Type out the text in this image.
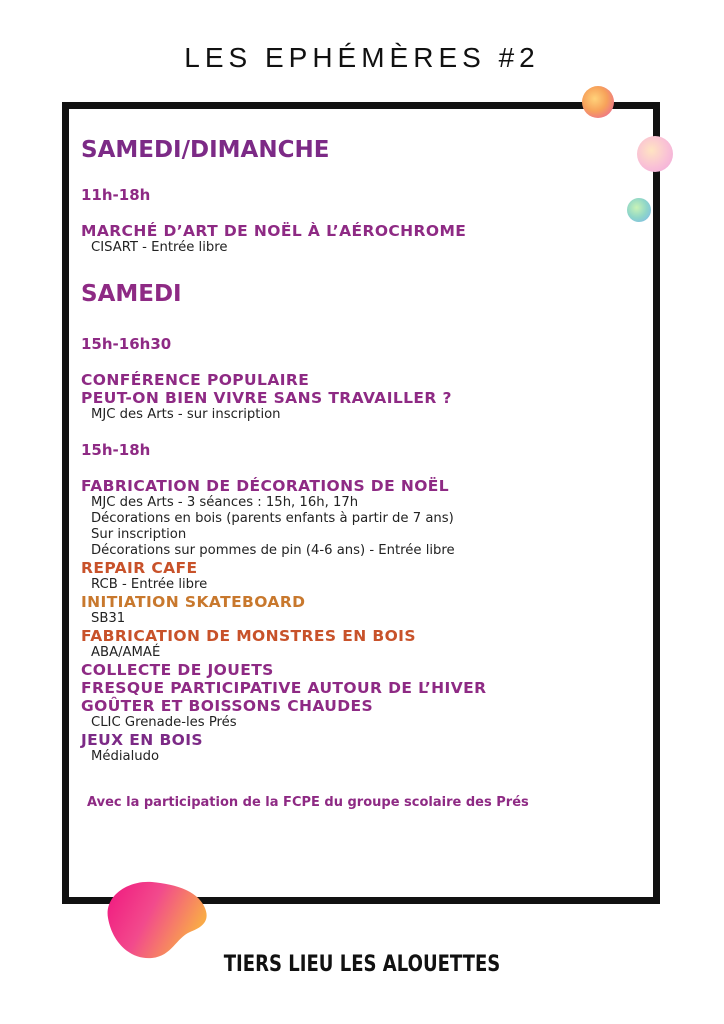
LES EPHÉMÈRES #2
SAMEDI/DIMANCHE
11h-18h
MARCHÉ D’ART DE NOËL À L’AÉROCHROME
CISART - Entrée libre
SAMEDI
15h-16h30
CONFÉRENCE POPULAIRE
PEUT-ON BIEN VIVRE SANS TRAVAILLER ?
MJC des Arts - sur inscription
15h-18h
FABRICATION DE DÉCORATIONS DE NOËL
MJC des Arts - 3 séances : 15h, 16h, 17h
Décorations en bois (parents enfants à partir de 7 ans)
Sur inscription
Décorations sur pommes de pin (4-6 ans) - Entrée libre
REPAIR CAFE
RCB - Entrée libre
INITIATION SKATEBOARD
SB31
FABRICATION DE MONSTRES EN BOIS
ABA/AMAÉ
COLLECTE DE JOUETS
FRESQUE PARTICIPATIVE AUTOUR DE L’HIVER
GOÛTER ET BOISSONS CHAUDES
CLIC Grenade-les Prés
JEUX EN BOIS
Médialudo
Avec la participation de la FCPE du groupe scolaire des Prés
TIERS LIEU LES ALOUETTES
